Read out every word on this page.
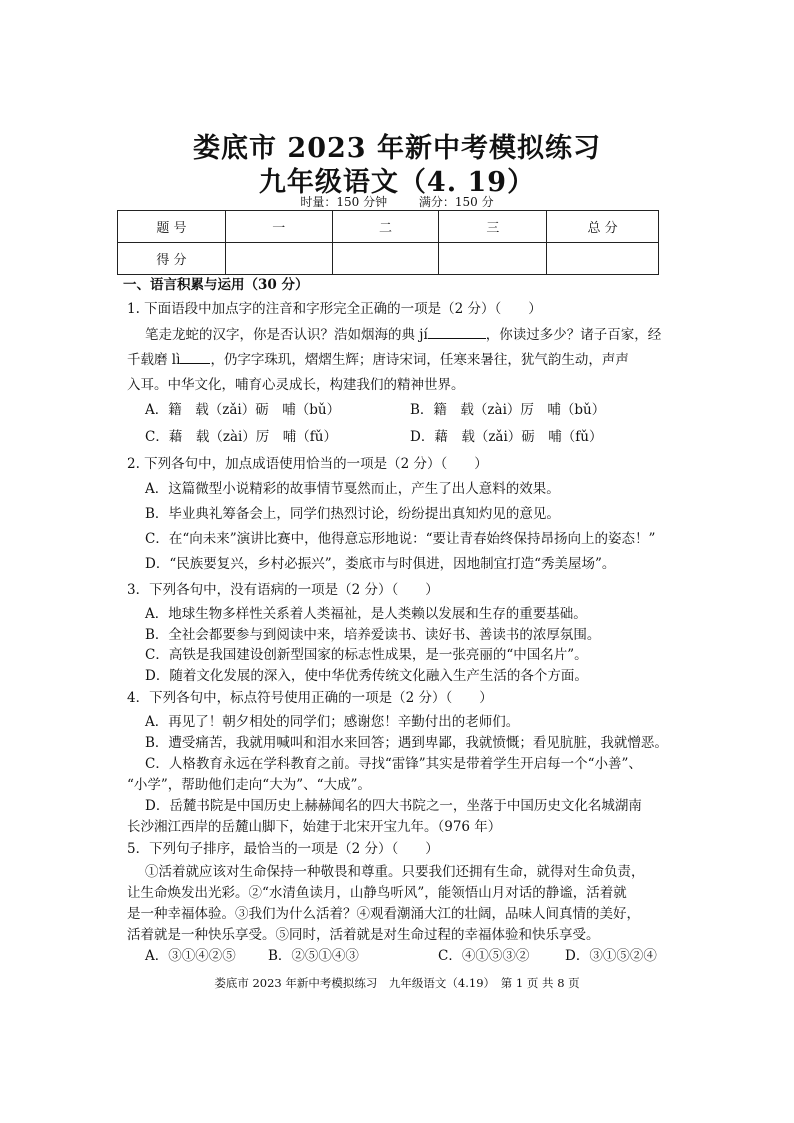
娄底市 2023 年新中考模拟练习
九年级语文（4. 19）
时量：150 分钟	满分：150 分
题 号	一	二	三	总 分
得 分				
一、语言积累与运用（30 分）
1. 下面语段中加点字的注音和字形完全正确的一项是（2 分）（　　）
笔走龙蛇的汉字，你是否认识？浩如烟海的典 jí	，你读过多少？诸子百家，经
千载磨 lì ，仍字字珠玑，熠熠生辉；唐诗宋词，任寒来暑往，犹气韵生动，声声
入耳。中华文化，哺育心灵成长，构建我们的精神世界。
A．籍　载（zǎi）砺　哺（bǔ）	B．籍　载（zài）厉　哺（bǔ）
C．藉　载（zài）厉　哺（fǔ）	D．藉　载（zǎi）砺　哺（fǔ）
2. 下列各句中，加点成语使用恰当的一项是（2 分）（　　）
A．这篇微型小说精彩的故事情节戛然而止，产生了出人意料的效果。
B．毕业典礼筹备会上，同学们热烈讨论，纷纷提出真知灼见的意见。
C．在“向未来”演讲比赛中，他得意忘形地说：“要让青春始终保持昂扬向上的姿态！”
D．“民族要复兴，乡村必振兴”，娄底市与时俱进，因地制宜打造“秀美屋场”。
3．下列各句中，没有语病的一项是（2 分）（　　）
A．地球生物多样性关系着人类福祉，是人类赖以发展和生存的重要基础。
B．全社会都要参与到阅读中来，培养爱读书、读好书、善读书的浓厚氛围。
C．高铁是我国建设创新型国家的标志性成果，是一张亮丽的“中国名片”。
D．随着文化发展的深入，使中华优秀传统文化融入生产生活的各个方面。
4．下列各句中，标点符号使用正确的一项是（2 分）（　　）
A．再见了！朝夕相处的同学们；感谢您！辛勤付出的老师们。
B．遭受痛苦，我就用喊叫和泪水来回答；遇到卑鄙，我就愤慨；看见肮脏，我就憎恶。
C．人格教育永远在学科教育之前。寻找“雷锋”其实是带着学生开启每一个“小善”、
“小学”，帮助他们走向“大为”、“大成”。
D．岳麓书院是中国历史上赫赫闻名的四大书院之一，坐落于中国历史文化名城湖南
长沙湘江西岸的岳麓山脚下，始建于北宋开宝九年。（976 年）
5．下列句子排序，最恰当的一项是（2 分）（　　）
①活着就应该对生命保持一种敬畏和尊重。只要我们还拥有生命，就得对生命负责，
让生命焕发出光彩。②“水清鱼读月，山静鸟听风”，能领悟山月对话的静谧，活着就
是一种幸福体验。③我们为什么活着？④观看潮涌大江的壮阔，品味人间真情的美好，
活着就是一种快乐享受。⑤同时，活着就是对生命过程的幸福体验和快乐享受。
A．③①④②⑤ B．②⑤①④③	C．④①⑤③②	D．③①⑤②④
娄底市 2023 年新中考模拟练习　九年级语文（4.19）　第 1 页 共 8 页
